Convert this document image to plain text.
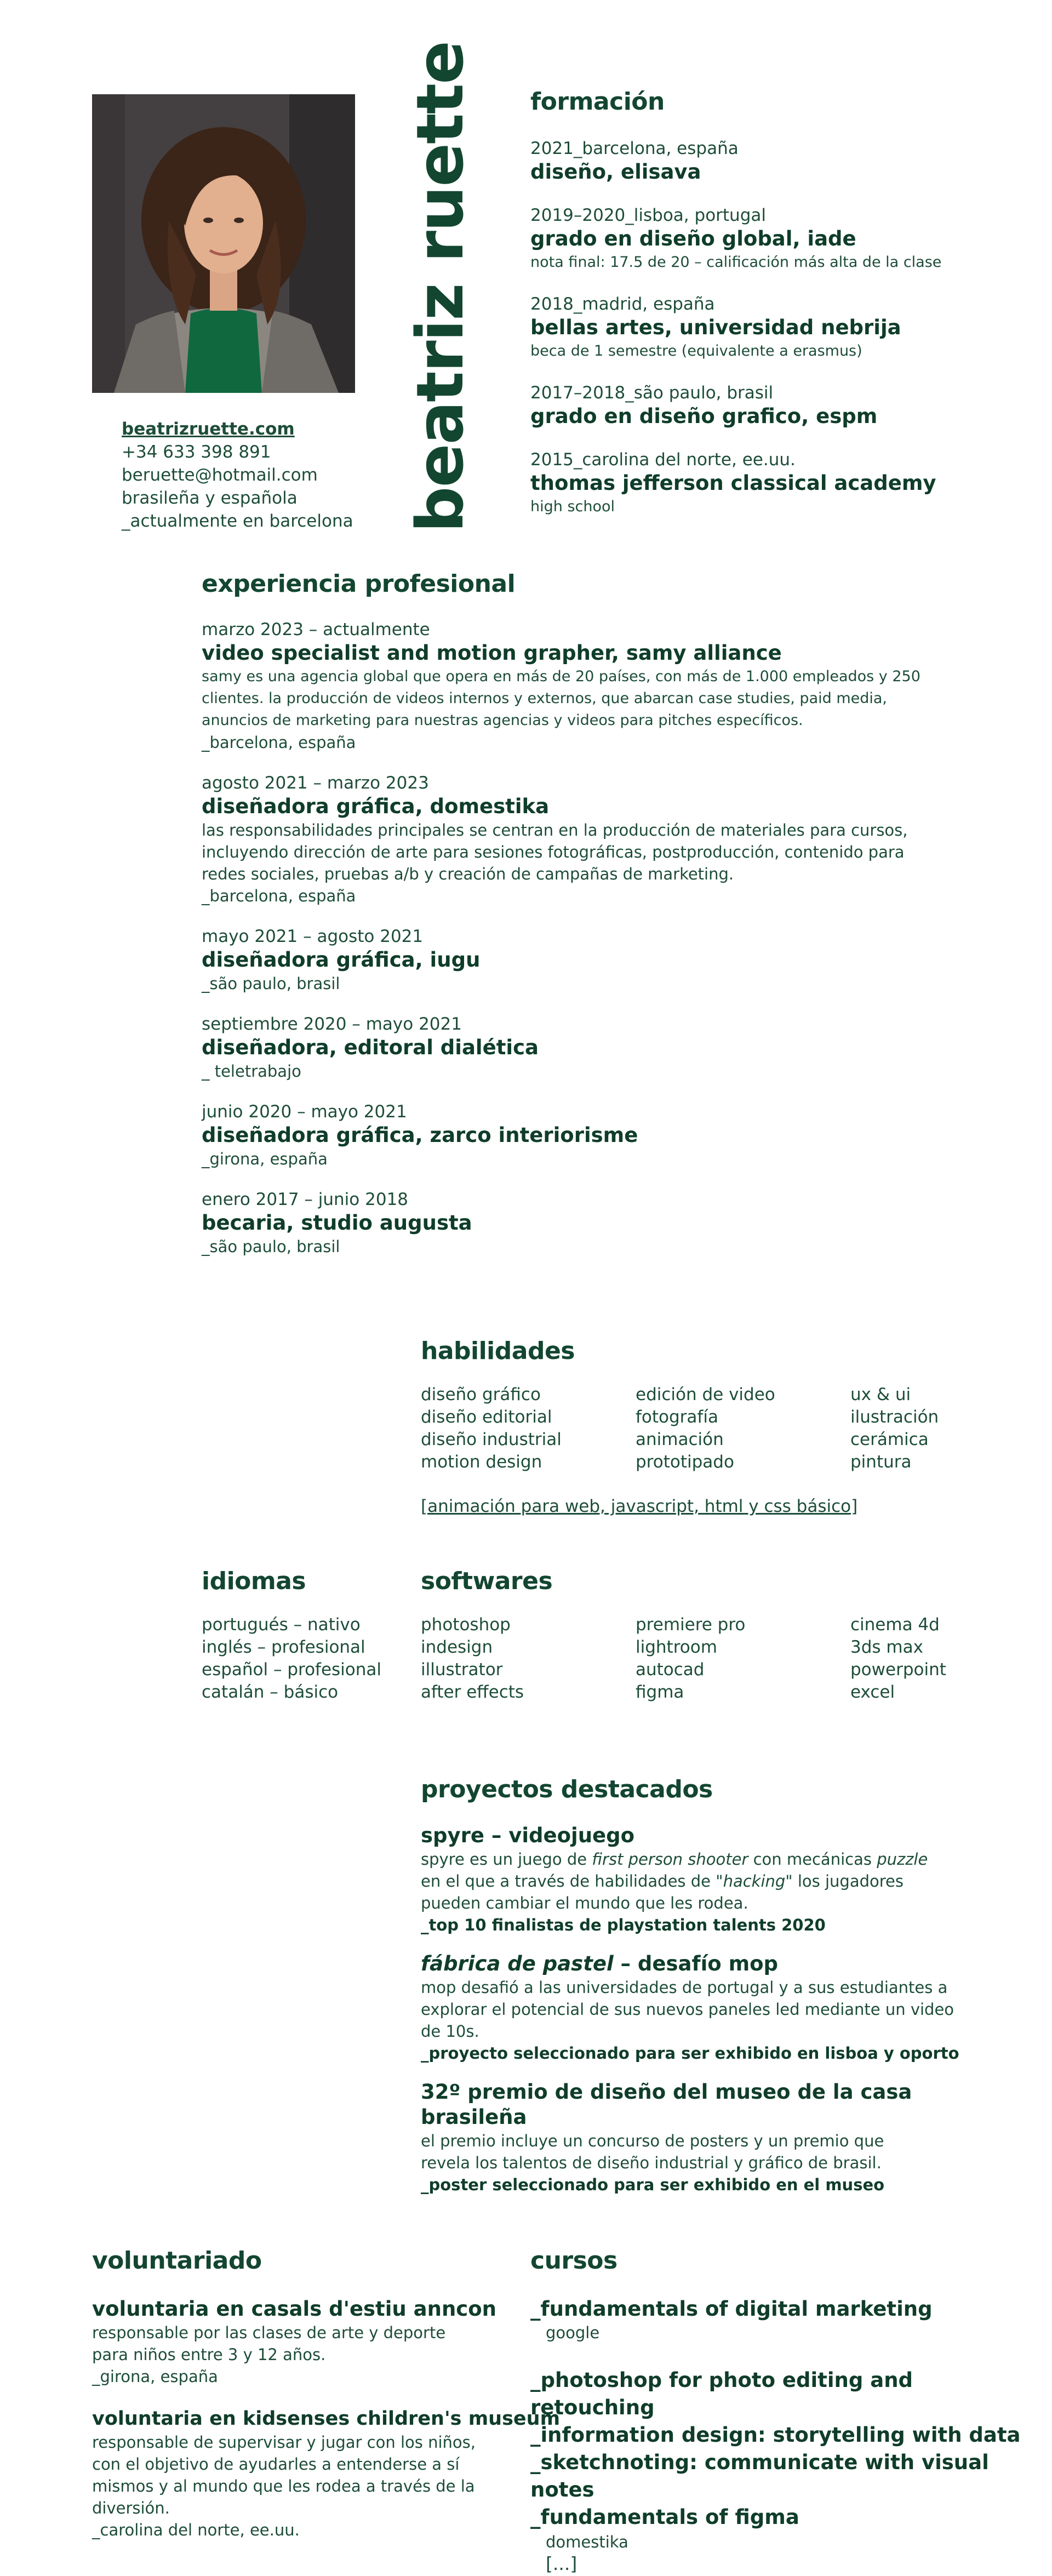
beatrizruette.com
+34 633 398 891
beruette@hotmail.com
brasileña y española
_actualmente en barcelona beatriz ruette formación
2021_barcelona, españa
diseño, elisava
2019–2020_lisboa, portugal
grado en diseño global, iade
nota final: 17.5 de 20 – calificación más alta de la clase
2018_madrid, españa
bellas artes, universidad nebrija
beca de 1 semestre (equivalente a erasmus)
2017–2018_são paulo, brasil
grado en diseño grafico, espm
2015_carolina del norte, ee.uu.
thomas jefferson classical academy
high school
experiencia profesional
marzo 2023 – actualmente
video specialist and motion grapher, samy alliance
samy es una agencia global que opera en más de 20 países, con más de 1.000 empleados y 250 clientes. la producción de videos internos y externos, que abarcan case studies, paid media, anuncios de marketing para nuestras agencias y videos para pitches específicos.
_barcelona, españa
agosto 2021 – marzo 2023
diseñadora gráfica, domestika
las responsabilidades principales se centran en la producción de materiales para cursos, incluyendo dirección de arte para sesiones fotográficas, postproducción, contenido para redes sociales, pruebas a/b y creación de campañas de marketing.
_barcelona, españa
mayo 2021 – agosto 2021
diseñadora gráfica, iugu
_são paulo, brasil
septiembre 2020 – mayo 2021
diseñadora, editoral dialética
_ teletrabajo
junio 2020 – mayo 2021
diseñadora gráfica, zarco interiorisme
_girona, españa
enero 2017 – junio 2018
becaria, studio augusta
_são paulo, brasil
habilidades
diseño gráfico
diseño editorial
diseño industrial
motion design
edición de video
fotografía
animación
prototipado
ux & ui
ilustración
cerámica
pintura
[animación para web, javascript, html y css básico]
idiomas
portugués – nativo
inglés – profesional
español – profesional
catalán – básico
softwares
photoshop
indesign
illustrator
after effects
premiere pro
lightroom
autocad
figma
cinema 4d
3ds max
powerpoint
excel
proyectos destacados
spyre – videojuego
spyre es un juego de first person shooter con mecánicas puzzle en el que a través de habilidades de "hacking" los jugadores pueden cambiar el mundo que les rodea.
_top 10 finalistas de playstation talents 2020
fábrica de pastel – desafío mop
mop desafió a las universidades de portugal y a sus estudiantes a explorar el potencial de sus nuevos paneles led mediante un video de 10s.
_proyecto seleccionado para ser exhibido en lisboa y oporto
32º premio de diseño del museo de la casa brasileña
el premio incluye un concurso de posters y un premio que revela los talentos de diseño industrial y gráfico de brasil.
_poster seleccionado para ser exhibido en el museo
voluntariado
voluntaria en casals d'estiu anncon
responsable por las clases de arte y deporte para niños entre 3 y 12 años.
_girona, españa
voluntaria en kidsenses children's museum
responsable de supervisar y jugar con los niños, con el objetivo de ayudarles a entenderse a sí mismos y al mundo que les rodea a través de la diversión.
_carolina del norte, ee.uu.
cursos
_fundamentals of digital marketing
google
_photoshop for photo editing and retouching
_information design: storytelling with data
_sketchnoting: communicate with visual notes
_fundamentals of figma
domestika
[...]
